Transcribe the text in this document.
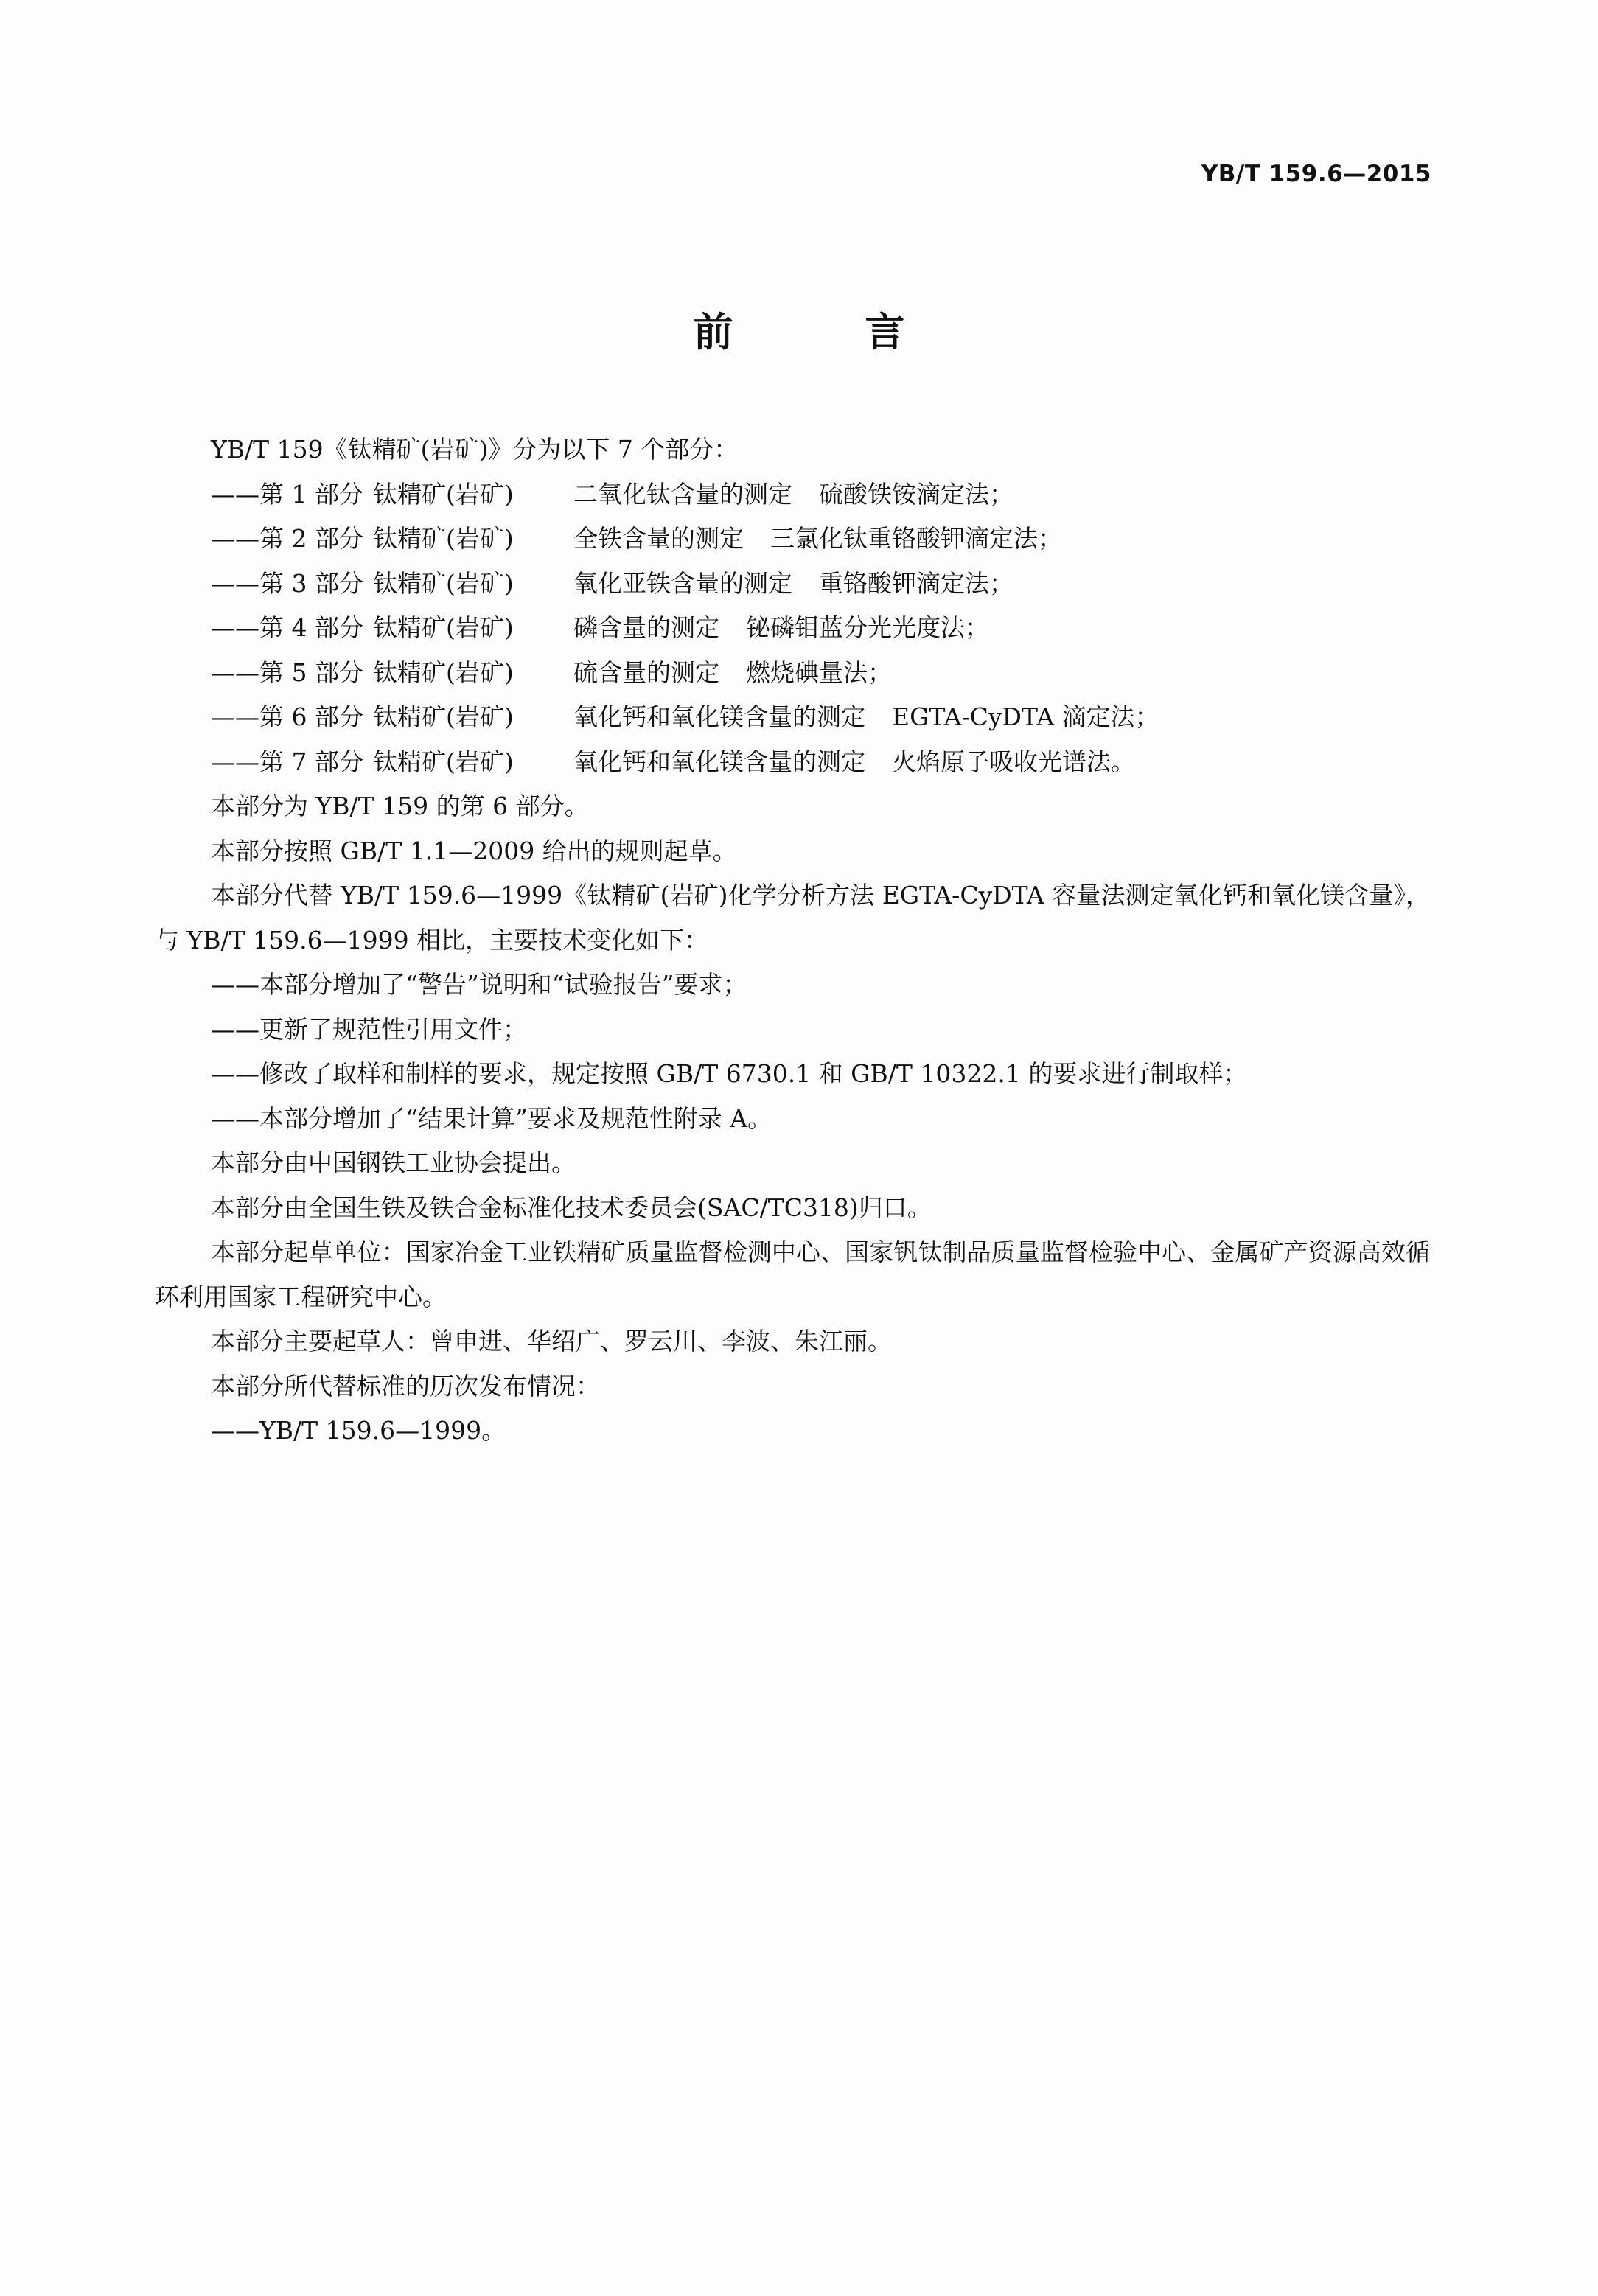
YB/T 159.6—2015
前 言

YB/T 159《钛精矿(岩矿)》分为以下 7 个部分：

——第 1 部分 钛精矿(岩矿) 二氧化钛含量的测定 硫酸铁铵滴定法；

——第 2 部分 钛精矿(岩矿) 全铁含量的测定 三氯化钛重铬酸钾滴定法；

——第 3 部分 钛精矿(岩矿) 氧化亚铁含量的测定 重铬酸钾滴定法；

——第 4 部分 钛精矿(岩矿) 磷含量的测定 铋磷钼蓝分光光度法；

——第 5 部分 钛精矿(岩矿) 硫含量的测定 燃烧碘量法；

——第 6 部分 钛精矿(岩矿) 氧化钙和氧化镁含量的测定 EGTA-CyDTA 滴定法；

——第 7 部分 钛精矿(岩矿) 氧化钙和氧化镁含量的测定 火焰原子吸收光谱法。

本部分为 YB/T 159 的第 6 部分。

本部分按照 GB/T 1.1—2009 给出的规则起草。

本部分代替 YB/T 159.6—1999《钛精矿(岩矿)化学分析方法 EGTA-CyDTA 容量法测定氧化钙和氧化镁含量》，与 YB/T 159.6—1999 相比，主要技术变化如下：

——本部分增加了“警告”说明和“试验报告”要求；

——更新了规范性引用文件；

——修改了取样和制样的要求，规定按照 GB/T 6730.1 和 GB/T 10322.1 的要求进行制取样；

——本部分增加了“结果计算”要求及规范性附录 A。

本部分由中国钢铁工业协会提出。

本部分由全国生铁及铁合金标准化技术委员会(SAC/TC318)归口。

本部分起草单位：国家冶金工业铁精矿质量监督检测中心、国家钒钛制品质量监督检验中心、金属矿产资源高效循环利用国家工程研究中心。

本部分主要起草人：曾申进、华绍广、罗云川、李波、朱江丽。

本部分所代替标准的历次发布情况：

——YB/T 159.6—1999。
